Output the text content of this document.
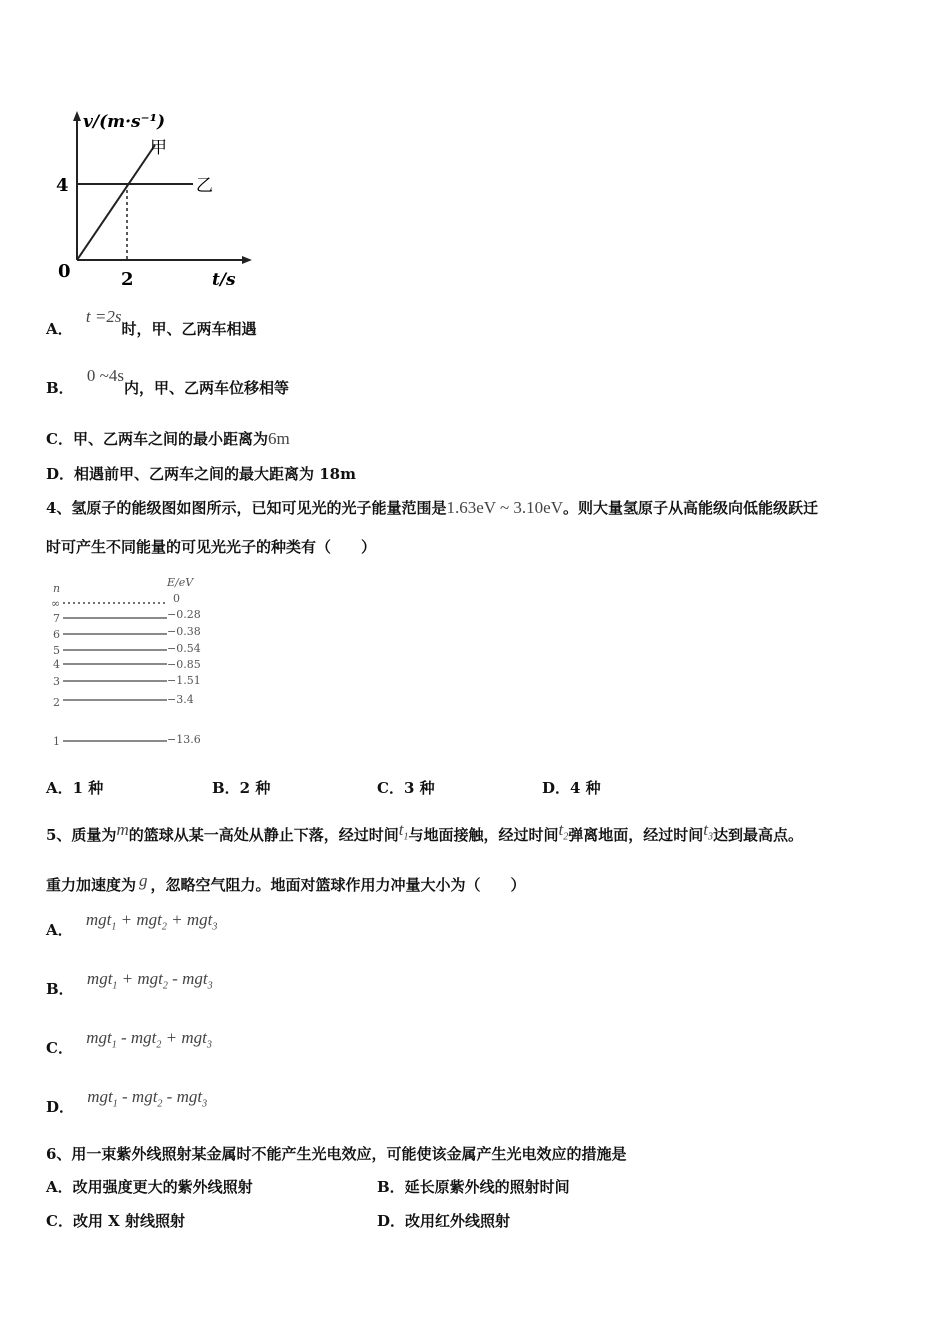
v/(m·s⁻¹)
甲
乙
4
0	2	t/s
A． t =2s时，甲、乙两车相遇
B． 0 ~4s内，甲、乙两车位移相等
C．甲、乙两车之间的最小距离为6m
D．相遇前甲、乙两车之间的最大距离为 18m
4、氢原子的能级图如图所示，已知可见光的光子能量范围是1.63eV ~ 3.10eV。则大量氢原子从高能级向低能级跃迁
时可产生不同能量的可见光光子的种类有（　　）
n	E/eV
∞	0
7	−0.28
6	−0.38
5	−0.54
4	−0.85
3	−1.51
2	−3.4
1	−13.6
A．1 种	B．2 种	C．3 种	D．4 种
5、质量为m的篮球从某一高处从静止下落，经过时间$t_1$与地面接触，经过时间$t_2$弹离地面，经过时间$t_3$达到最高点。
重力加速度为 g ，忽略空气阻力。地面对篮球作用力冲量大小为（　　）
A． mgt$_1$ + mgt$_2$ + mgt$_3$
B． mgt$_1$ + mgt$_2$ - mgt$_3$
C． mgt$_1$ - mgt$_2$ + mgt$_3$
D． mgt$_1$ - mgt$_2$ - mgt$_3$
6、用一束紫外线照射某金属时不能产生光电效应，可能使该金属产生光电效应的措施是
A．改用强度更大的紫外线照射	B．延长原紫外线的照射时间
C．改用 X 射线照射	D．改用红外线照射
